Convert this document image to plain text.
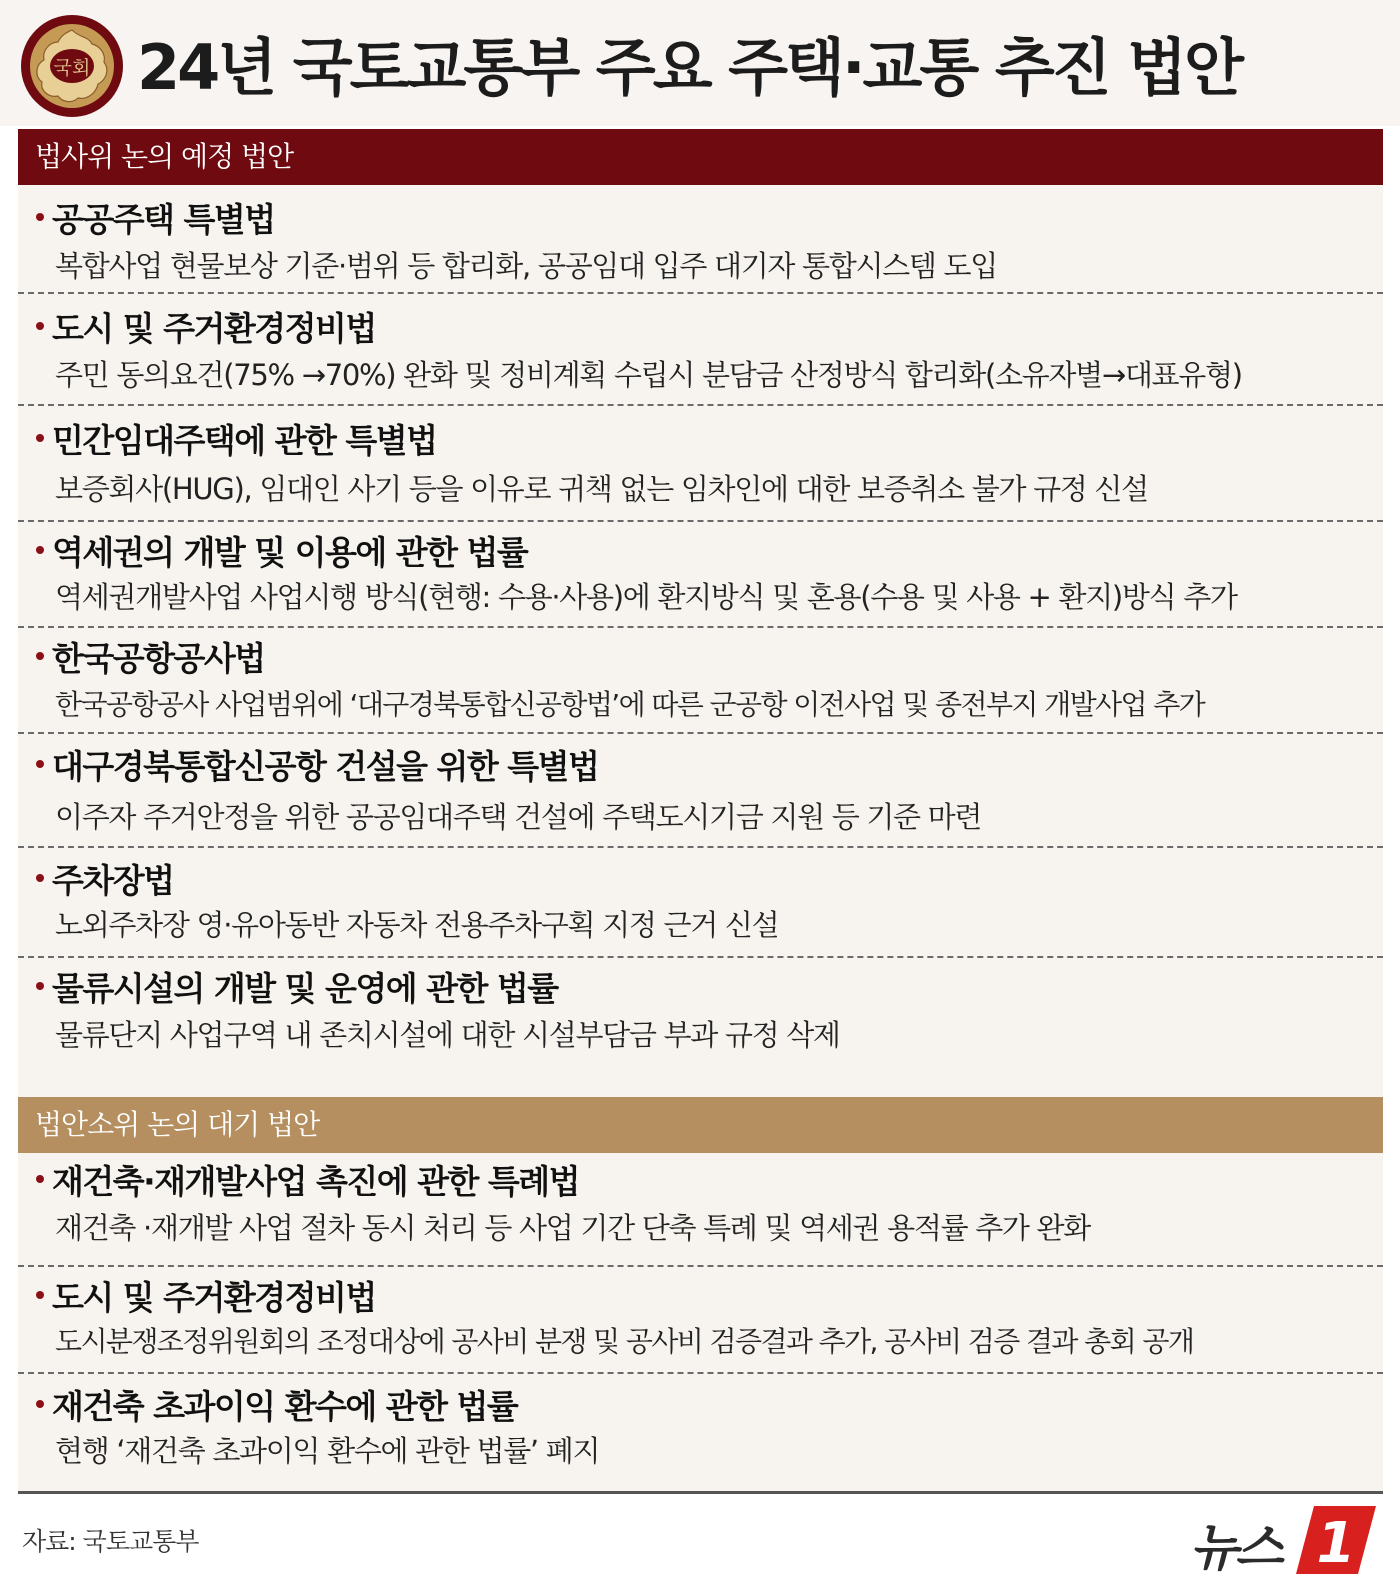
국회 24년 국토교통부 주요 주택·교통 추진 법안
법사위 논의 예정 법안
공공주택 특별법
복합사업 현물보상 기준·범위 등 합리화, 공공임대 입주 대기자 통합시스템 도입
도시 및 주거환경정비법
주민 동의요건(75% →70%) 완화 및 정비계획 수립시 분담금 산정방식 합리화(소유자별→대표유형)
민간임대주택에 관한 특별법
보증회사(HUG), 임대인 사기 등을 이유로 귀책 없는 임차인에 대한 보증취소 불가 규정 신설
역세권의 개발 및 이용에 관한 법률
역세권개발사업 사업시행 방식(현행: 수용·사용)에 환지방식 및 혼용(수용 및 사용 + 환지)방식 추가
한국공항공사법
한국공항공사 사업범위에 ‘대구경북통합신공항법’에 따른 군공항 이전사업 및 종전부지 개발사업 추가
대구경북통합신공항 건설을 위한 특별법
이주자 주거안정을 위한 공공임대주택 건설에 주택도시기금 지원 등 기준 마련
주차장법
노외주차장 영·유아동반 자동차 전용주차구획 지정 근거 신설
물류시설의 개발 및 운영에 관한 법률
물류단지 사업구역 내 존치시설에 대한 시설부담금 부과 규정 삭제
법안소위 논의 대기 법안
재건축·재개발사업 촉진에 관한 특례법
재건축 ·재개발 사업 절차 동시 처리 등 사업 기간 단축 특례 및 역세권 용적률 추가 완화
도시 및 주거환경정비법
도시분쟁조정위원회의 조정대상에 공사비 분쟁 및 공사비 검증결과 추가, 공사비 검증 결과 총회 공개
재건축 초과이익 환수에 관한 법률
현행 ‘재건축 초과이익 환수에 관한 법률’ 폐지
자료: 국토교통부	뉴스 1
